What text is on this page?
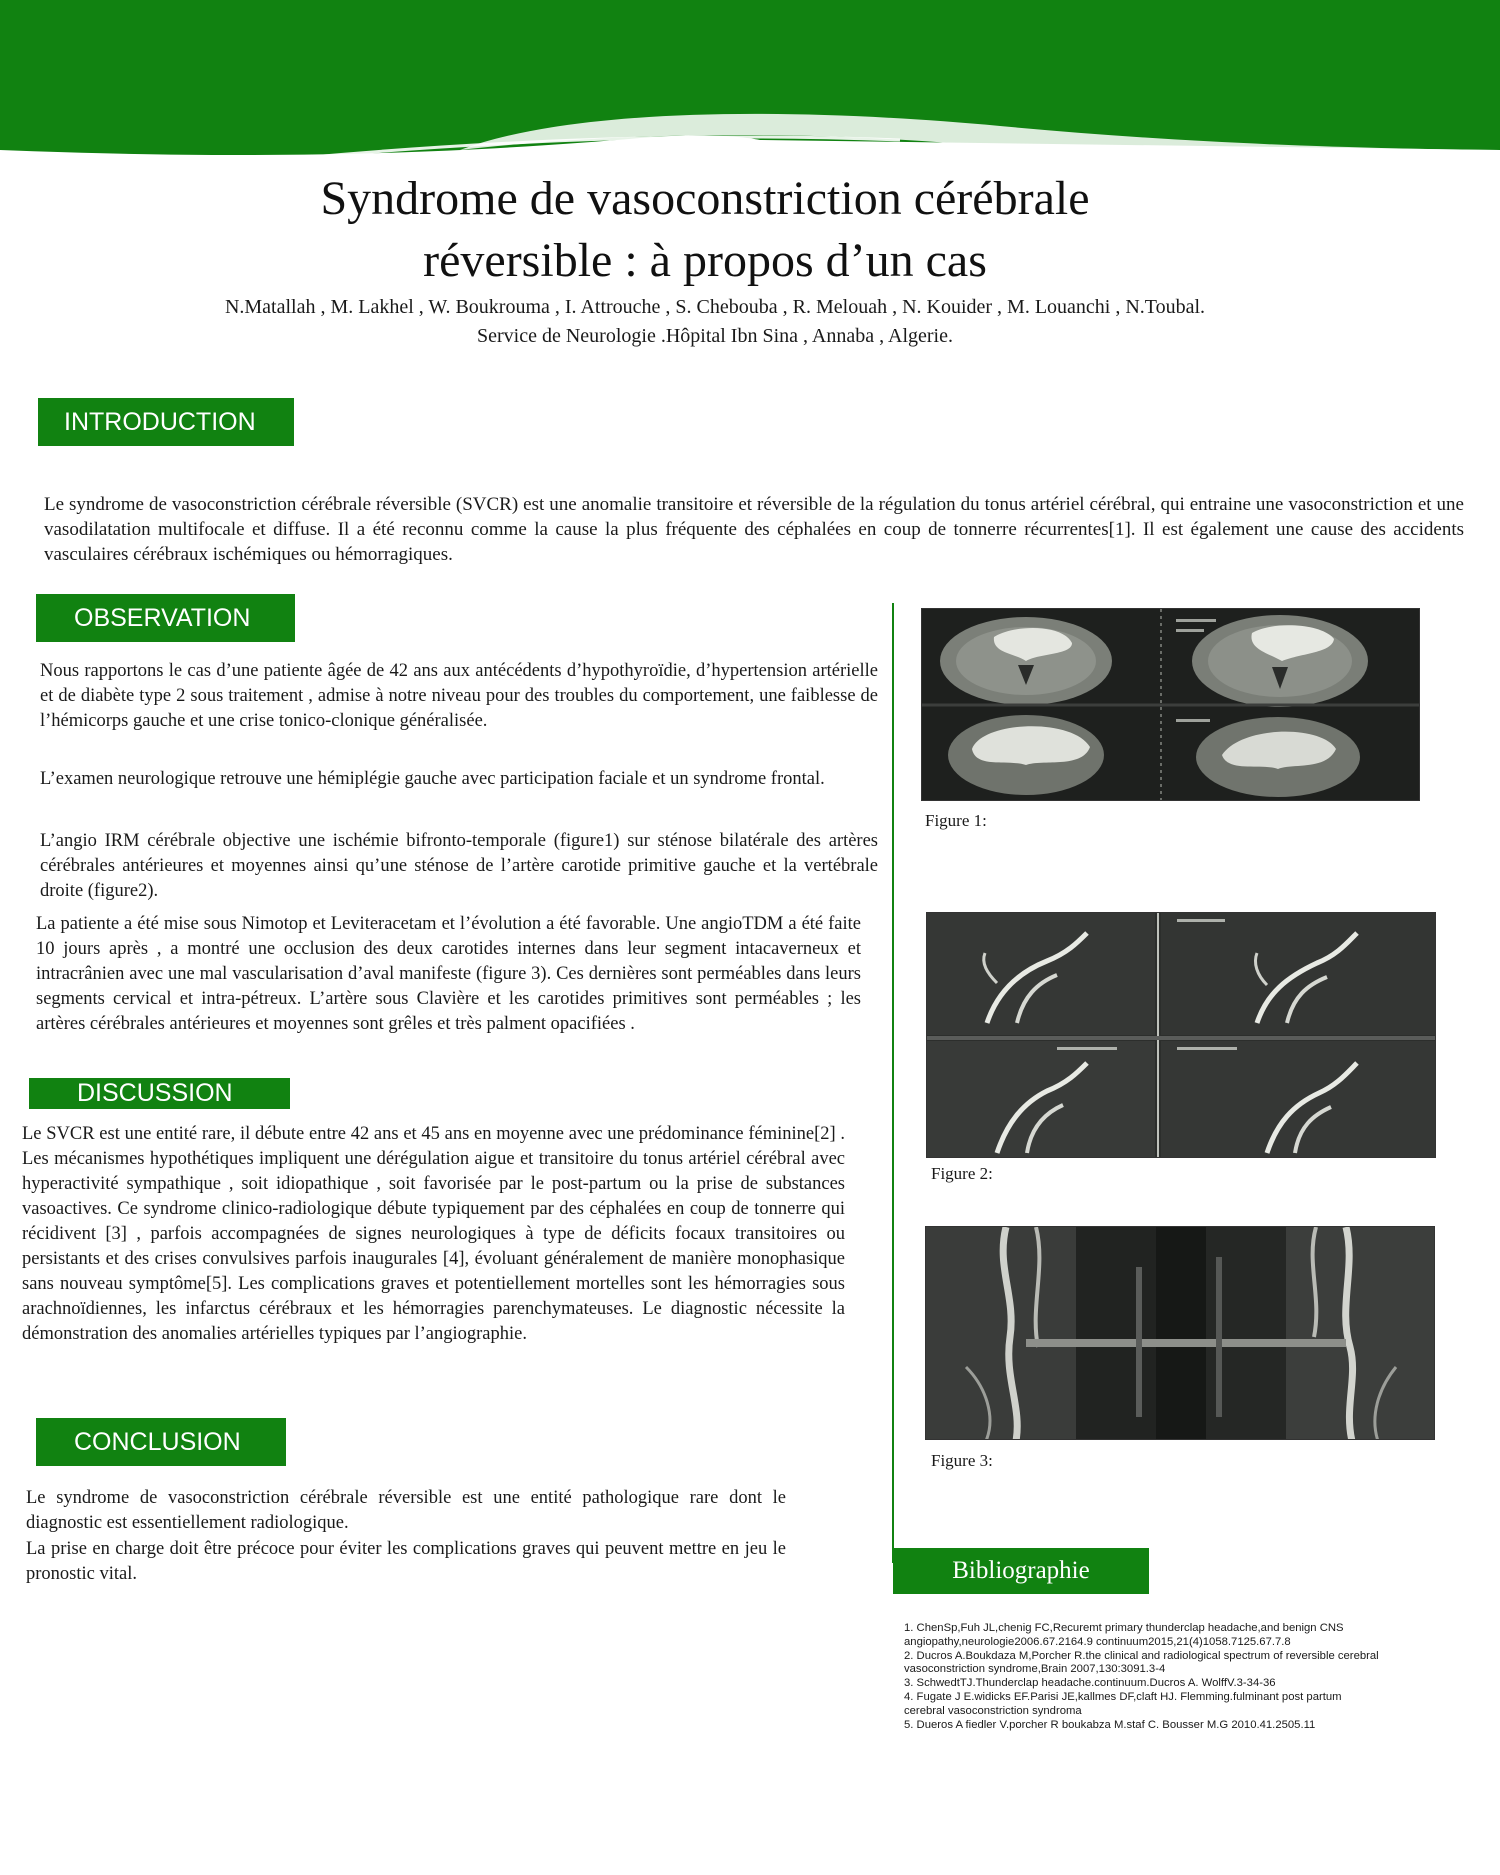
Syndrome de vasoconstriction cérébrale
réversible : à propos d’un cas

N.Matallah , M. Lakhel , W. Boukrouma , I. Attrouche , S. Chebouba , R. Melouah , N. Kouider , M. Louanchi , N.Toubal.

Service de Neurologie .Hôpital Ibn Sina , Annaba , Algerie.

INTRODUCTION

Le syndrome de vasoconstriction cérébrale réversible (SVCR) est une anomalie transitoire et réversible de la régulation du tonus artériel cérébral, qui entraine une vasoconstriction et une vasodilatation multifocale et diffuse. Il a été reconnu comme la cause la plus fréquente des céphalées en coup de tonnerre récurrentes[1]. Il est également une cause des accidents vasculaires cérébraux ischémiques ou hémorragiques.

OBSERVATION

Nous rapportons le cas d’une patiente âgée de 42 ans aux antécédents d’hypothyroïdie, d’hypertension artérielle et de diabète type 2 sous traitement , admise à notre niveau pour des troubles du comportement, une faiblesse de l’hémicorps gauche et une crise tonico-clonique généralisée.

L’examen neurologique retrouve une hémiplégie gauche avec participation faciale et un syndrome frontal.

L’angio IRM cérébrale objective une ischémie bifronto-temporale (figure1) sur sténose bilatérale des artères cérébrales antérieures et moyennes ainsi qu’une sténose de l’artère carotide primitive gauche et la vertébrale droite (figure2).

La patiente a été mise sous Nimotop et Leviteracetam et l’évolution a été favorable. Une angioTDM a été faite 10 jours après , a montré une occlusion des deux carotides internes dans leur segment intacaverneux et intracrânien avec une mal vascularisation d’aval manifeste (figure 3). Ces dernières sont perméables dans leurs segments cervical et intra-pétreux. L’artère sous Clavière et les carotides primitives sont perméables ; les artères cérébrales antérieures et moyennes sont grêles et très palment opacifiées .

DISCUSSION

Le SVCR est une entité rare, il débute entre 42 ans et 45 ans en moyenne avec une prédominance féminine[2] . Les mécanismes hypothétiques impliquent une dérégulation aigue et transitoire du tonus artériel cérébral avec hyperactivité sympathique , soit idiopathique , soit favorisée par le post-partum ou la prise de substances vasoactives. Ce syndrome clinico-radiologique débute typiquement par des céphalées en coup de tonnerre qui récidivent [3] , parfois accompagnées de signes neurologiques à type de déficits focaux transitoires ou persistants et des crises convulsives parfois inaugurales [4], évoluant généralement de manière monophasique sans nouveau symptôme[5]. Les complications graves et potentiellement mortelles sont les hémorragies sous arachnoïdiennes, les infarctus cérébraux et les hémorragies parenchymateuses. Le diagnostic nécessite la démonstration des anomalies artérielles typiques par l’angiographie.

CONCLUSION

Le syndrome de vasoconstriction cérébrale réversible est une entité pathologique rare dont le diagnostic est essentiellement radiologique.

La prise en charge doit être précoce pour éviter les complications graves qui peuvent mettre en jeu le pronostic vital.

Figure 1:

Figure 2:

Figure 3:

Bibliographie
1. ChenSp,Fuh JL,chenig FC,Recuremt primary thunderclap headache,and benign CNS angiopathy,neurologie2006.67.2164.9 continuum2015,21(4)1058.7125.67.7.8
2. Ducros A.Boukdaza M,Porcher R.the clinical and radiological spectrum of reversible cerebral vasoconstriction syndrome,Brain 2007,130:3091.3-4
3. SchwedtTJ.Thunderclap headache.continuum.Ducros A. WolffV.3-34-36
4. Fugate J E.widicks EF.Parisi JE,kallmes DF,claft HJ. Flemming.fulminant post partum cerebral vasoconstriction syndroma
5. Dueros A fiedler V.porcher R boukabza M.staf C. Bousser M.G 2010.41.2505.11
